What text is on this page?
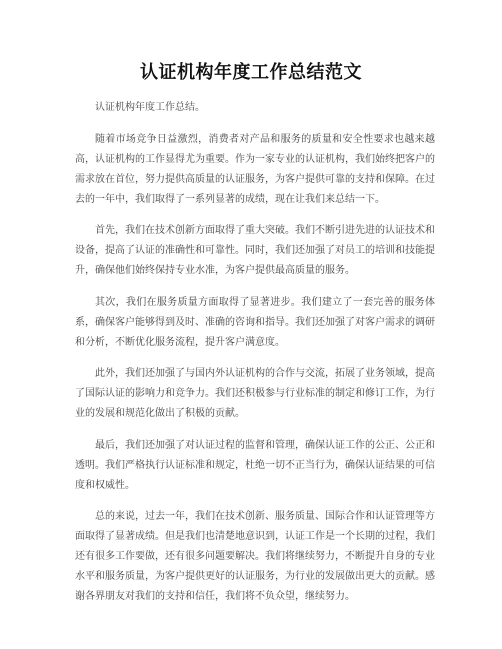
认证机构年度工作总结范文

认证机构年度工作总结。

随着市场竞争日益激烈，消费者对产品和服务的质量和安全性要求也越来越高，认证机构的工作显得尤为重要。作为一家专业的认证机构，我们始终把客户的需求放在首位，努力提供高质量的认证服务，为客户提供可靠的支持和保障。在过去的一年中，我们取得了一系列显著的成绩，现在让我们来总结一下。

首先，我们在技术创新方面取得了重大突破。我们不断引进先进的认证技术和设备，提高了认证的准确性和可靠性。同时，我们还加强了对员工的培训和技能提升，确保他们始终保持专业水准，为客户提供最高质量的服务。

其次，我们在服务质量方面取得了显著进步。我们建立了一套完善的服务体系，确保客户能够得到及时、准确的咨询和指导。我们还加强了对客户需求的调研和分析，不断优化服务流程，提升客户满意度。

此外，我们还加强了与国内外认证机构的合作与交流，拓展了业务领域，提高了国际认证的影响力和竞争力。我们还积极参与行业标准的制定和修订工作，为行业的发展和规范化做出了积极的贡献。

最后，我们还加强了对认证过程的监督和管理，确保认证工作的公正、公正和透明。我们严格执行认证标准和规定，杜绝一切不正当行为，确保认证结果的可信度和权威性。

总的来说，过去一年，我们在技术创新、服务质量、国际合作和认证管理等方面取得了显著成绩。但是我们也清楚地意识到，认证工作是一个长期的过程，我们还有很多工作要做，还有很多问题要解决。我们将继续努力，不断提升自身的专业水平和服务质量，为客户提供更好的认证服务，为行业的发展做出更大的贡献。感谢各界朋友对我们的支持和信任，我们将不负众望，继续努力。
